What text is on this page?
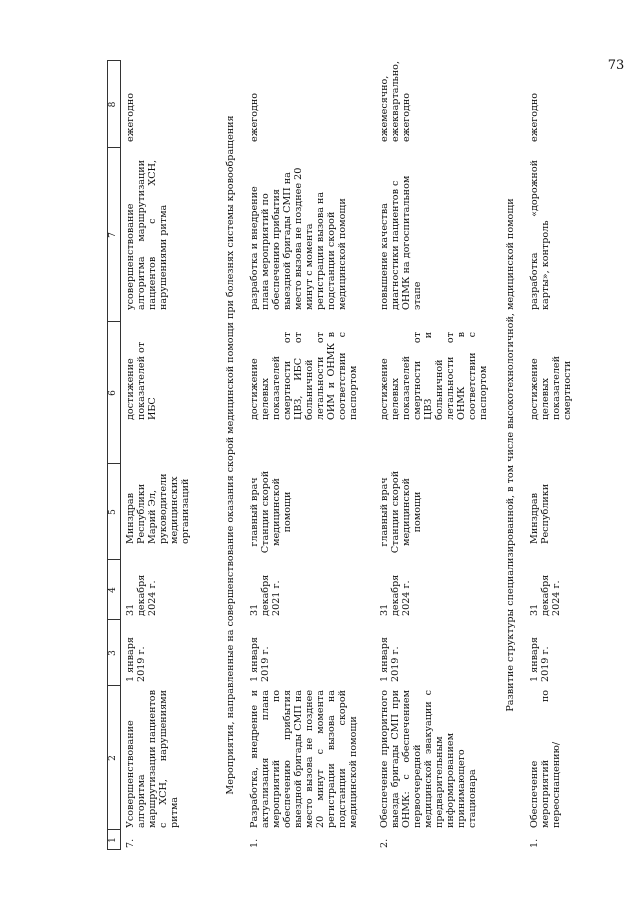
73
1
2
3
4
5
6
7
8
7.
Усовершенствование алгоритма маршрутизации пациентов с ХСН, нарушениями ритма
1 января 2019 г.
31 декабря 2024 г.
Минздрав Республики Марий Эл, руководители медицинских организаций
достижение показателей от ИБС
усовершенствование алгоритма маршрутизации пациентов с ХСН, нарушениями ритма
ежегодно	Мероприятия, направленные на совершенствование оказания скорой медицинской помощи при болезнях системы кровообращения
1.
Разработка, внедрение и актуализация плана мероприятий по обеспечению прибытия выездной бригады СМП на место вызова не позднее 20 минут с момента регистрации вызова на подстанции скорой медицинской помощи
1 января 2019 г.
31 декабря 2021 г.
главный врач Станции скорой медицинской помощи
достижение целевых показателей смертности от ЦВЗ, ИБС от больничной летальности от ОИМ и ОНМК в соответствии с паспортом
разработка и внедрение плана мероприятий по обеспечению прибытия выездной бригады СМП на место вызова не позднее 20 минут с момента регистрации вызова на подстанции скорой медицинской помощи
ежегодно
2.
Обеспечение приоритного выезда бригады СМП при ОНМК: с обеспечением первоочередной медицинской эвакуации с предварительным информированием принимающего стационара
1 января 2019 г.
31 декабря 2024 г.
главный врач Станции скорой медицинской помощи
достижение целевых показателей смертности от ЦВЗ и больничной летальности от ОНМК в соответствии с паспортом
повышение качества диагностики пациентов с ОНМК на догоспитальном этапе
ежемесячно, ежеквартально, ежегодно
Развитие структуры специализированной, в том числе высокотехнологичной, медицинской помощи
1.
Обеспечение мероприятий по переоснащению/
1 января 2019 г.
31 декабря 2024 г.
Минздрав Республики
достижение целевых показателей смертности
разработка «дорожной карты», контроль
ежегодно
